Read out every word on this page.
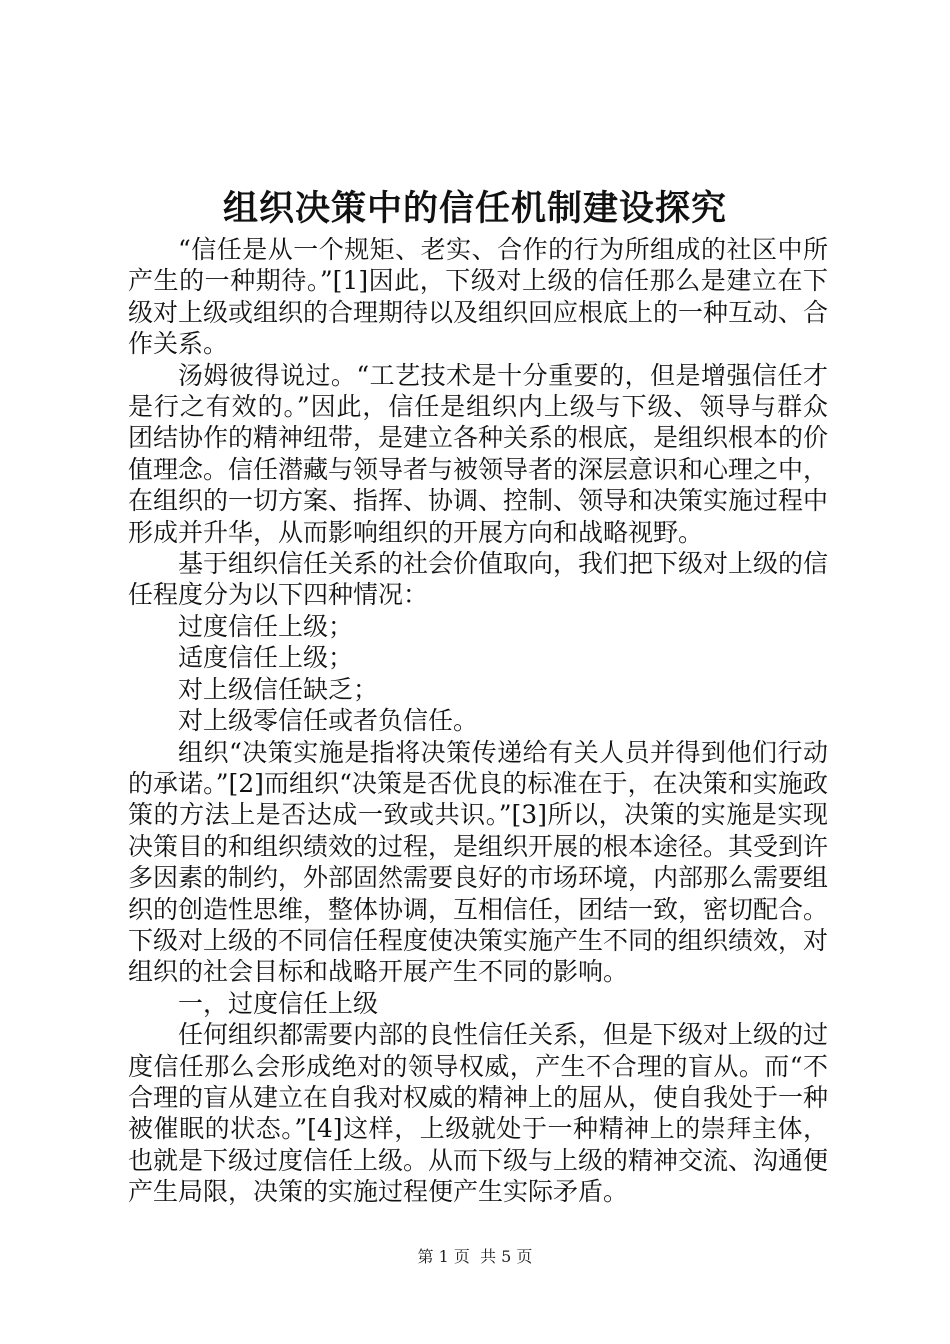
组织决策中的信任机制建设探究

“信任是从一个规矩、老实、合作的行为所组成的社区中所产生的一种期待。”[1]因此，下级对上级的信任那么是建立在下级对上级或组织的合理期待以及组织回应根底上的一种互动、合作关系。

汤姆彼得说过。“工艺技术是十分重要的，但是增强信任才是行之有效的。”因此，信任是组织内上级与下级、领导与群众团结协作的精神纽带，是建立各种关系的根底，是组织根本的价值理念。信任潜藏与领导者与被领导者的深层意识和心理之中，在组织的一切方案、指挥、协调、控制、领导和决策实施过程中形成并升华，从而影响组织的开展方向和战略视野。

基于组织信任关系的社会价值取向，我们把下级对上级的信任程度分为以下四种情况：

过度信任上级；

适度信任上级；

对上级信任缺乏；

对上级零信任或者负信任。

组织“决策实施是指将决策传递给有关人员并得到他们行动的承诺。”[2]而组织“决策是否优良的标准在于，在决策和实施政策的方法上是否达成一致或共识。”[3]所以，决策的实施是实现决策目的和组织绩效的过程，是组织开展的根本途径。其受到许多因素的制约，外部固然需要良好的市场环境，内部那么需要组织的创造性思维，整体协调，互相信任，团结一致，密切配合。下级对上级的不同信任程度使决策实施产生不同的组织绩效，对组织的社会目标和战略开展产生不同的影响。

一，过度信任上级

任何组织都需要内部的良性信任关系，但是下级对上级的过度信任那么会形成绝对的领导权威，产生不合理的盲从。而“不合理的盲从建立在自我对权威的精神上的屈从，使自我处于一种被催眠的状态。”[4]这样，上级就处于一种精神上的崇拜主体，也就是下级过度信任上级。从而下级与上级的精神交流、沟通便产生局限，决策的实施过程便产生实际矛盾。

第 1 页  共 5 页
